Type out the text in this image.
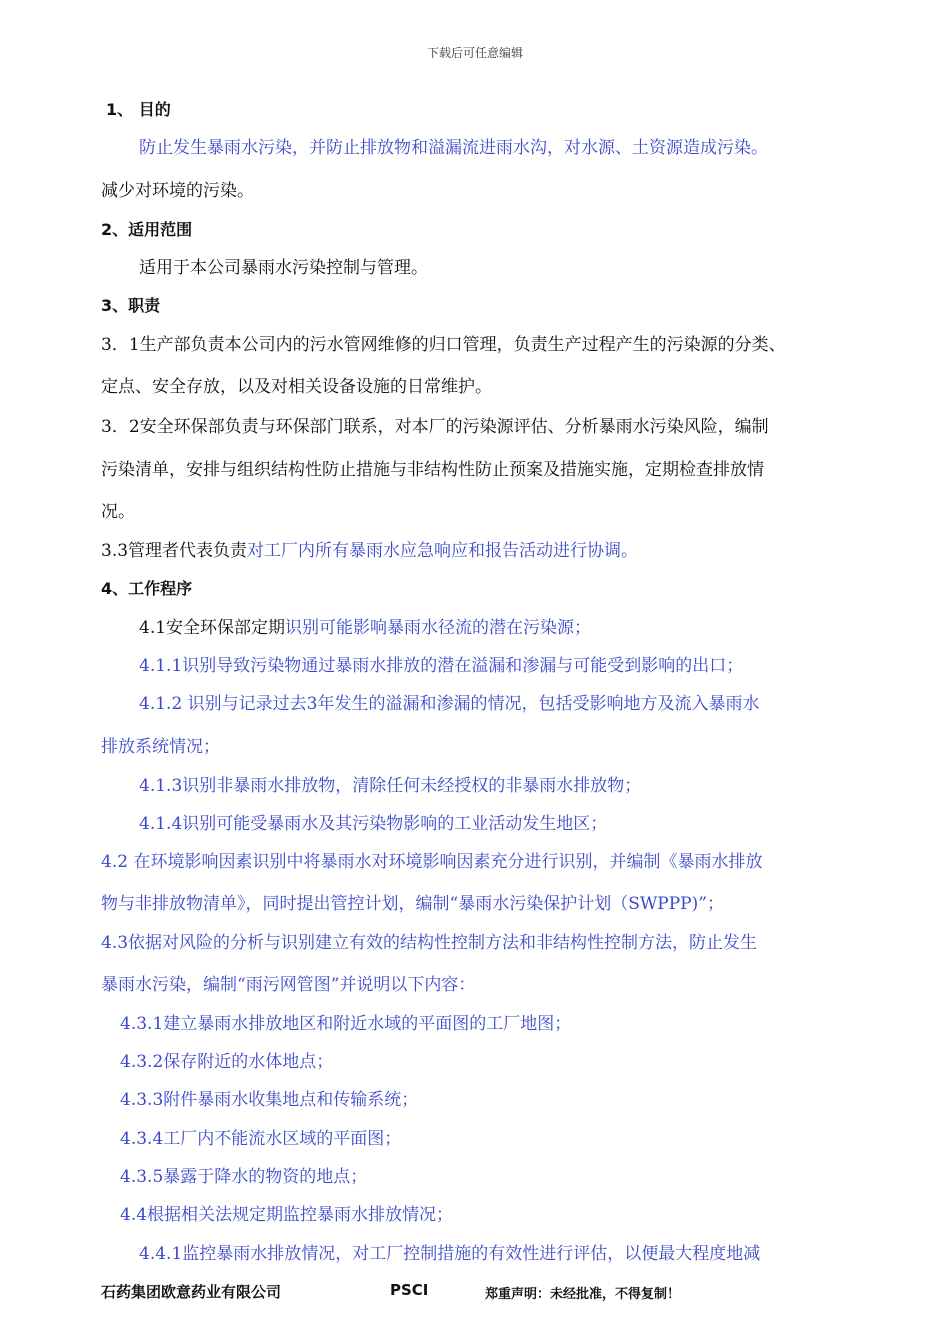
下载后可任意编辑
1、 目的
防止发生暴雨水污染，并防止排放物和溢漏流进雨水沟，对水源、土资源造成污染。
减少对环境的污染。
2、适用范围
适用于本公司暴雨水污染控制与管理。
3、职责
3．1生产部负责本公司内的污水管网维修的归口管理，负责生产过程产生的污染源的分类、
定点、安全存放，以及对相关设备设施的日常维护。
3．2安全环保部负责与环保部门联系，对本厂的污染源评估、分析暴雨水污染风险，编制
污染清单，安排与组织结构性防止措施与非结构性防止预案及措施实施，定期检查排放情
况。
3.3管理者代表负责对工厂内所有暴雨水应急响应和报告活动进行协调。
4、工作程序
4.1安全环保部定期识别可能影响暴雨水径流的潜在污染源；
4.1.1识别导致污染物通过暴雨水排放的潜在溢漏和渗漏与可能受到影响的出口；
4.1.2 识别与记录过去3年发生的溢漏和渗漏的情况，包括受影响地方及流入暴雨水
排放系统情况；
4.1.3识别非暴雨水排放物，清除任何未经授权的非暴雨水排放物；
4.1.4识别可能受暴雨水及其污染物影响的工业活动发生地区；
4.2 在环境影响因素识别中将暴雨水对环境影响因素充分进行识别，并编制《暴雨水排放
物与非排放物清单》，同时提出管控计划，编制“暴雨水污染保护计划（SWPPP)”；
4.3依据对风险的分析与识别建立有效的结构性控制方法和非结构性控制方法，防止发生
暴雨水污染，编制“雨污网管图”并说明以下内容：
4.3.1建立暴雨水排放地区和附近水域的平面图的工厂地图；
4.3.2保存附近的水体地点；
4.3.3附件暴雨水收集地点和传输系统；
4.3.4工厂内不能流水区域的平面图；
4.3.5暴露于降水的物资的地点；
4.4根据相关法规定期监控暴雨水排放情况；
4.4.1监控暴雨水排放情况，对工厂控制措施的有效性进行评估，以便最大程度地减
石药集团欧意药业有限公司	PSCI	郑重声明：未经批准，不得复制！
